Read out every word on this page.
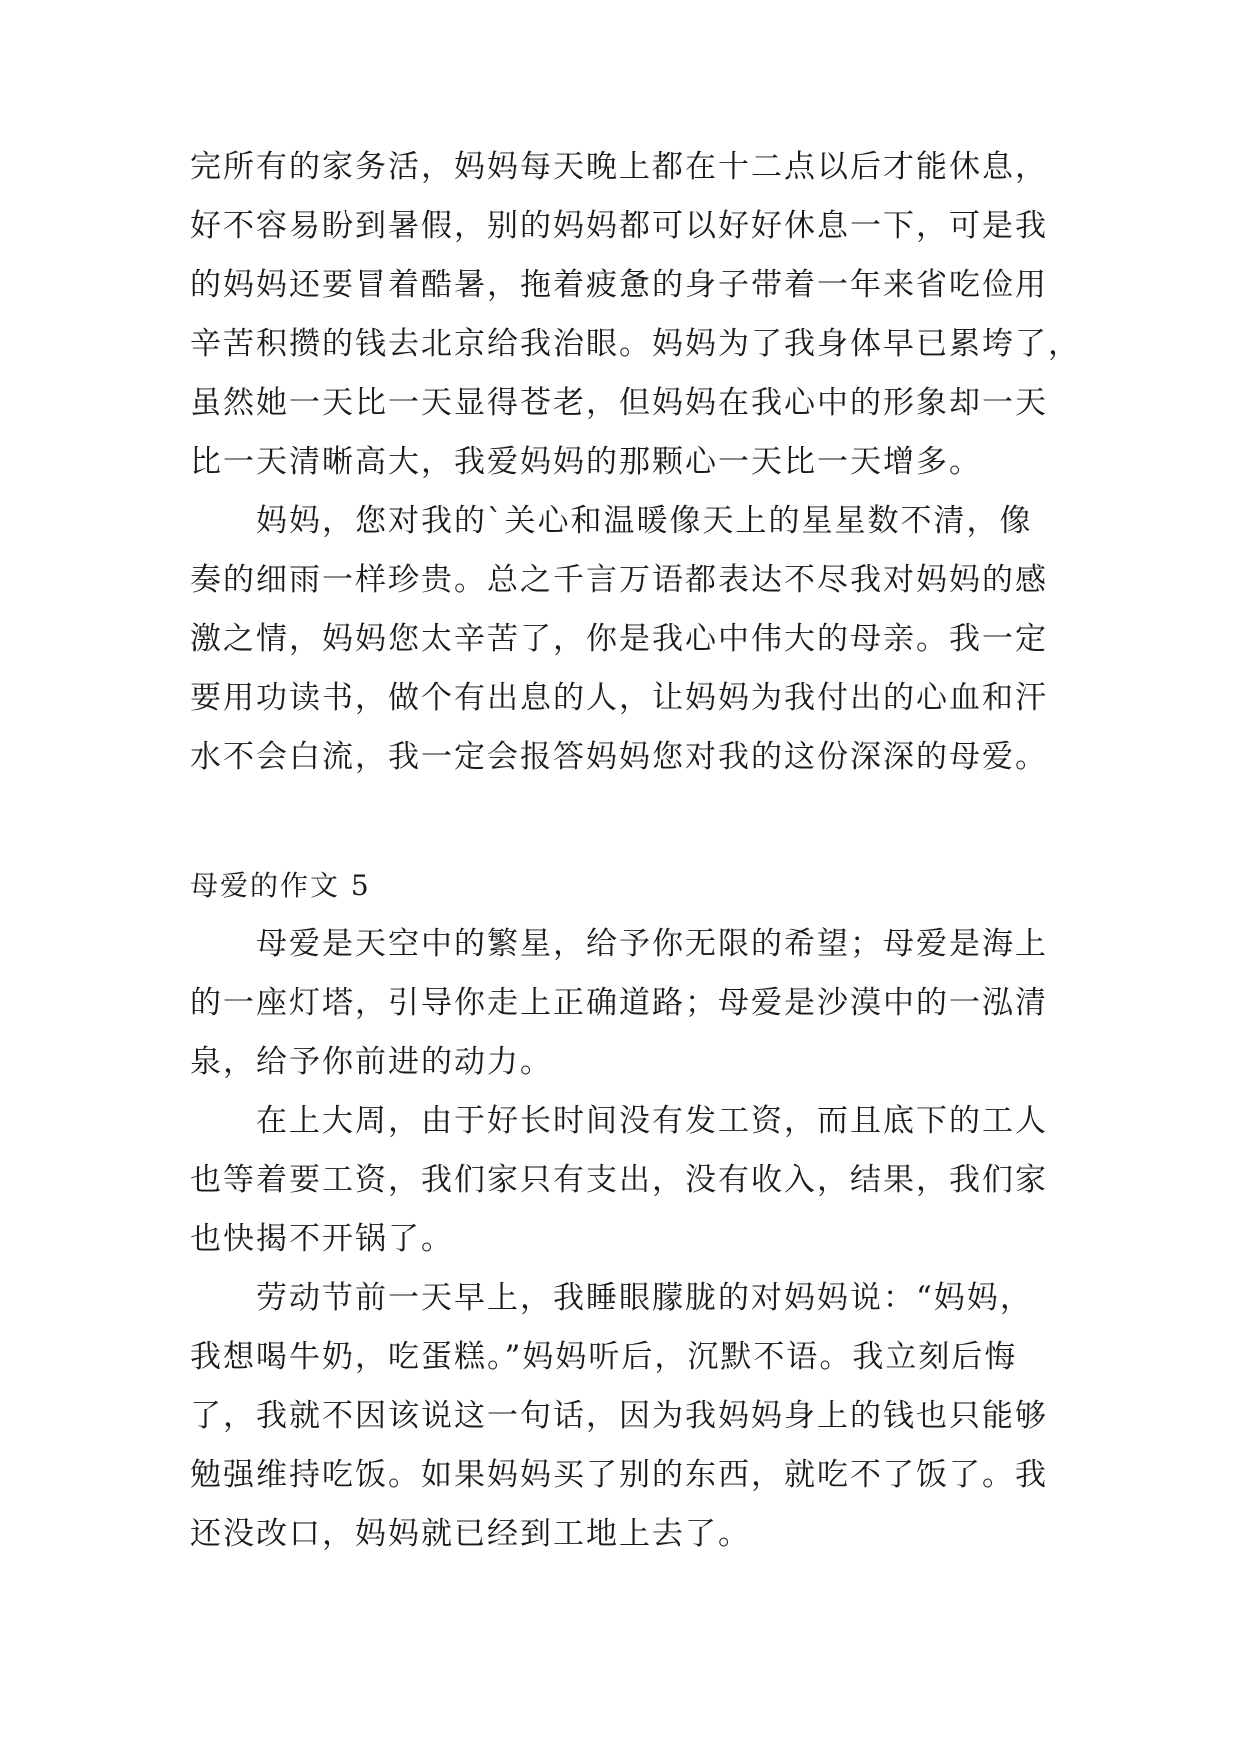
完所有的家务活，妈妈每天晚上都在十二点以后才能休息，
好不容易盼到暑假，别的妈妈都可以好好休息一下，可是我
的妈妈还要冒着酷暑，拖着疲惫的身子带着一年来省吃俭用
辛苦积攒的钱去北京给我治眼。妈妈为了我身体早已累垮了，
虽然她一天比一天显得苍老，但妈妈在我心中的形象却一天
比一天清晰高大，我爱妈妈的那颗心一天比一天增多。
妈妈，您对我的`关心和温暖像天上的星星数不清，像
奏的细雨一样珍贵。总之千言万语都表达不尽我对妈妈的感
激之情，妈妈您太辛苦了，你是我心中伟大的母亲。我一定
要用功读书，做个有出息的人，让妈妈为我付出的心血和汗
水不会白流，我一定会报答妈妈您对我的这份深深的母爱。
母爱的作文 5
母爱是天空中的繁星，给予你无限的希望；母爱是海上
的一座灯塔，引导你走上正确道路；母爱是沙漠中的一泓清
泉，给予你前进的动力。
在上大周，由于好长时间没有发工资，而且底下的工人
也等着要工资，我们家只有支出，没有收入，结果，我们家
也快揭不开锅了。
劳动节前一天早上，我睡眼朦胧的对妈妈说：“妈妈，
我想喝牛奶，吃蛋糕。”妈妈听后，沉默不语。我立刻后悔
了，我就不因该说这一句话，因为我妈妈身上的钱也只能够
勉强维持吃饭。如果妈妈买了别的东西，就吃不了饭了。我
还没改口，妈妈就已经到工地上去了。
